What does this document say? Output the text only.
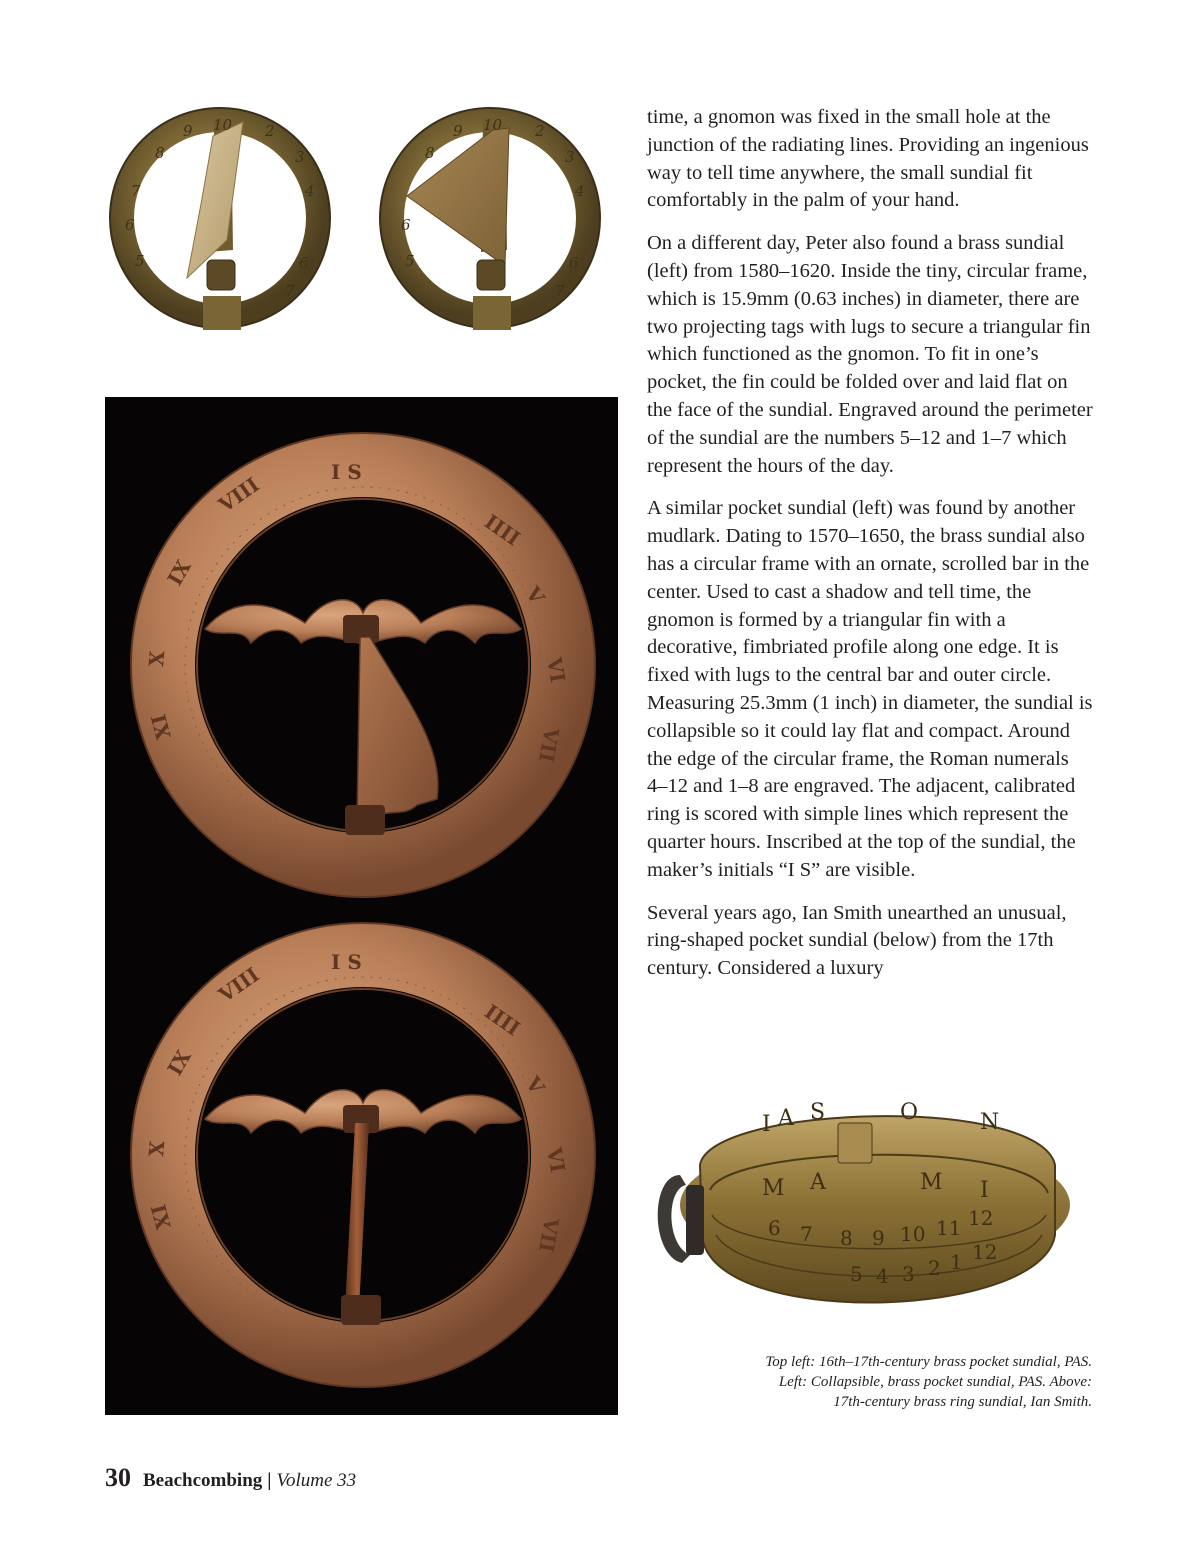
8
9 10 2
3
4
7
6
5	6
7
8
9 10 2
3
4
6
5	6
7
I S
IIII
V
VI
VII
VIII
IX
X
XI
I S
IIII
V
VI
VII
VIII
IX
X
XI

time, a gnomon was fixed in the small hole at the junction of the radiating lines. Providing an ingenious way to tell time anywhere, the small sundial fit comfortably in the palm of your hand.

On a different day, Peter also found a brass sundial (left) from 1580–1620. Inside the tiny, circular frame, which is 15.9mm (0.63 inches) in diameter, there are two projecting tags with lugs to secure a triangular fin which functioned as the gnomon. To fit in one’s pocket, the fin could be folded over and laid flat on the face of the sundial. Engraved around the perimeter of the sundial are the numbers 5–12 and 1–7 which represent the hours of the day.

A similar pocket sundial (left) was found by another mudlark. Dating to 1570–1650, the brass sundial also has a circular frame with an ornate, scrolled bar in the center. Used to cast a shadow and tell time, the gnomon is formed by a triangular fin with a decorative, fimbriated profile along one edge. It is fixed with lugs to the central bar and outer circle. Measuring 25.3mm (1 inch) in diameter, the sundial is collapsible so it could lay flat and compact. Around the edge of the circular frame, the Roman numerals 4–12 and 1–8 are engraved. The adjacent, calibrated ring is scored with simple lines which represent the quarter hours. Inscribed at the top of the sundial, the maker’s initials “I S” are visible.

Several years ago, Ian Smith unearthed an unusual, ring-shaped pocket sundial (below) from the 17th century. Considered a luxury

I A S	O	N
M A	M I
6 7 8 9 10 11 12
5 4 3 2 1 12
Top left: 16th–17th-century brass pocket sundial, PAS.
Left: Collapsible, brass pocket sundial, PAS. Above:
17th-century brass ring sundial, Ian Smith.
30 Beachcombing | Volume 33
